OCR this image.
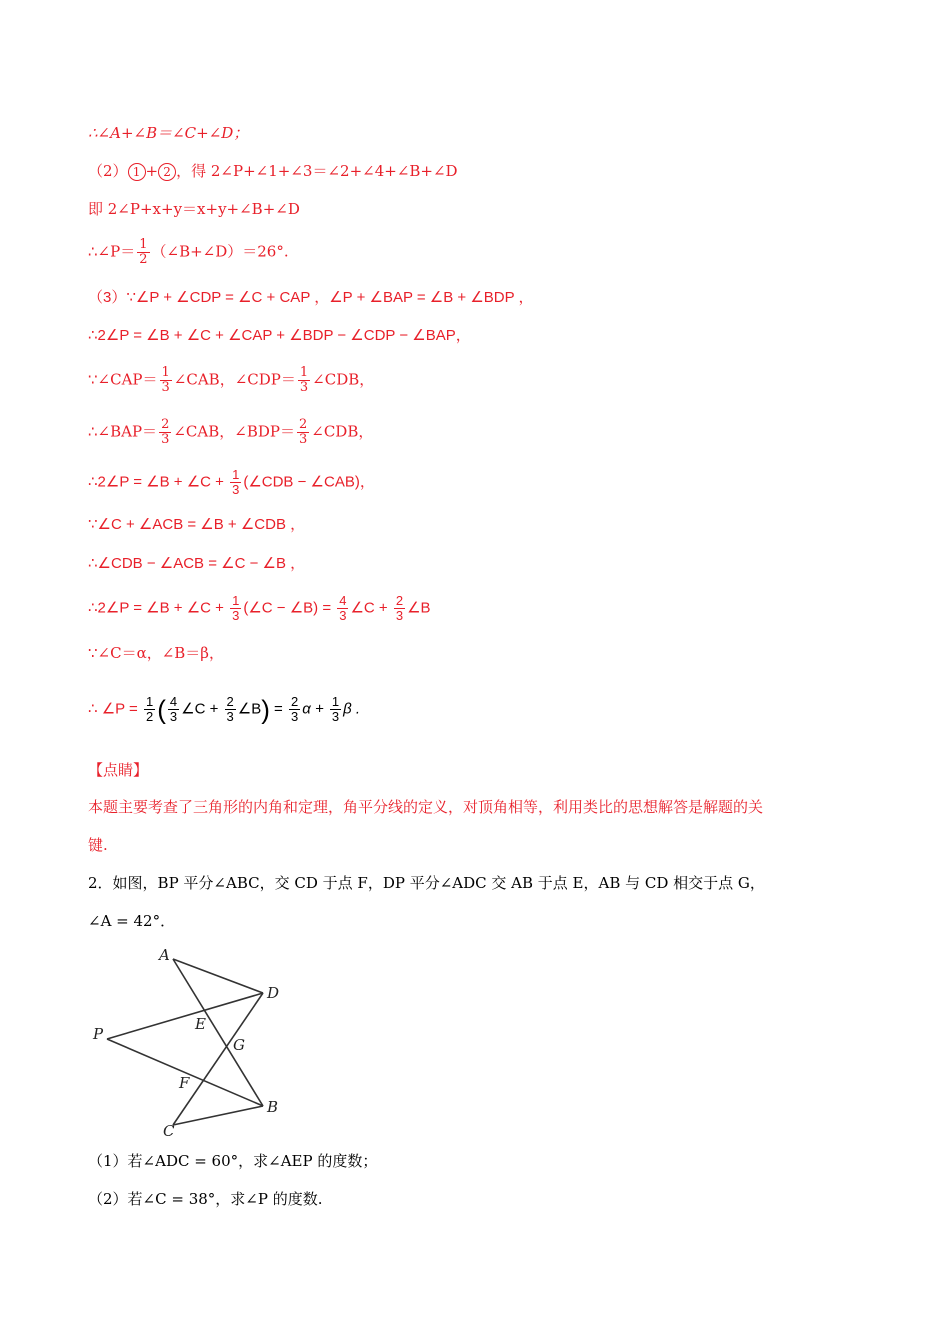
∴∠A+∠B＝∠C+∠D；
（2） 1 + 2 ，得 2∠P+∠1+∠3＝∠2+∠4+∠B+∠D
即 2∠P+x+y＝x+y+∠B+∠D
∴∠P＝ $\frac{1}{2}$ （∠B+∠D）＝26°.
（3）∵∠P + ∠CDP = ∠C + CAP ，∠P + ∠BAP = ∠B + ∠BDP ，
∴2∠P = ∠B + ∠C + ∠CAP + ∠BDP − ∠CDP − ∠BAP，
∵∠CAP＝ $\frac{1}{3}$ ∠CAB，∠CDP＝ $\frac{1}{3}$ ∠CDB，
∴∠BAP＝ $\frac{2}{3}$ ∠CAB，∠BDP＝ $\frac{2}{3}$ ∠CDB，
∴2∠P = ∠B + ∠C + $\frac{1}{3}$ (∠CDB − ∠CAB)，
∵∠C + ∠ACB = ∠B + ∠CDB ，
∴∠CDB − ∠ACB = ∠C − ∠B ，
∴2∠P = ∠B + ∠C + $\frac{1}{3}$ (∠C − ∠B) = $\frac{4}{3}$ ∠C + $\frac{2}{3}$ ∠B
∵∠C＝α，∠B＝β，
∴ ∠P = $\frac{1}{2}$ ( $\frac{4}{3}$ ∠C + $\frac{2}{3}$ ∠B) = $\frac{2}{3}$ $\alpha + \frac{1}{3}$ β .
【点睛】
本题主要考查了三角形的内角和定理，角平分线的定义，对顶角相等，利用类比的思想解答是解题的关
键.
2．如图，BP 平分∠ABC，交 CD 于点 F，DP 平分∠ADC 交 AB 于点 E，AB 与 CD 相交于点 G，
∠A = 42°．
A
D
E
P
G
F
C
B
（1）若∠ADC = 60°，求∠AEP 的度数；
（2）若∠C = 38°，求∠P 的度数.
